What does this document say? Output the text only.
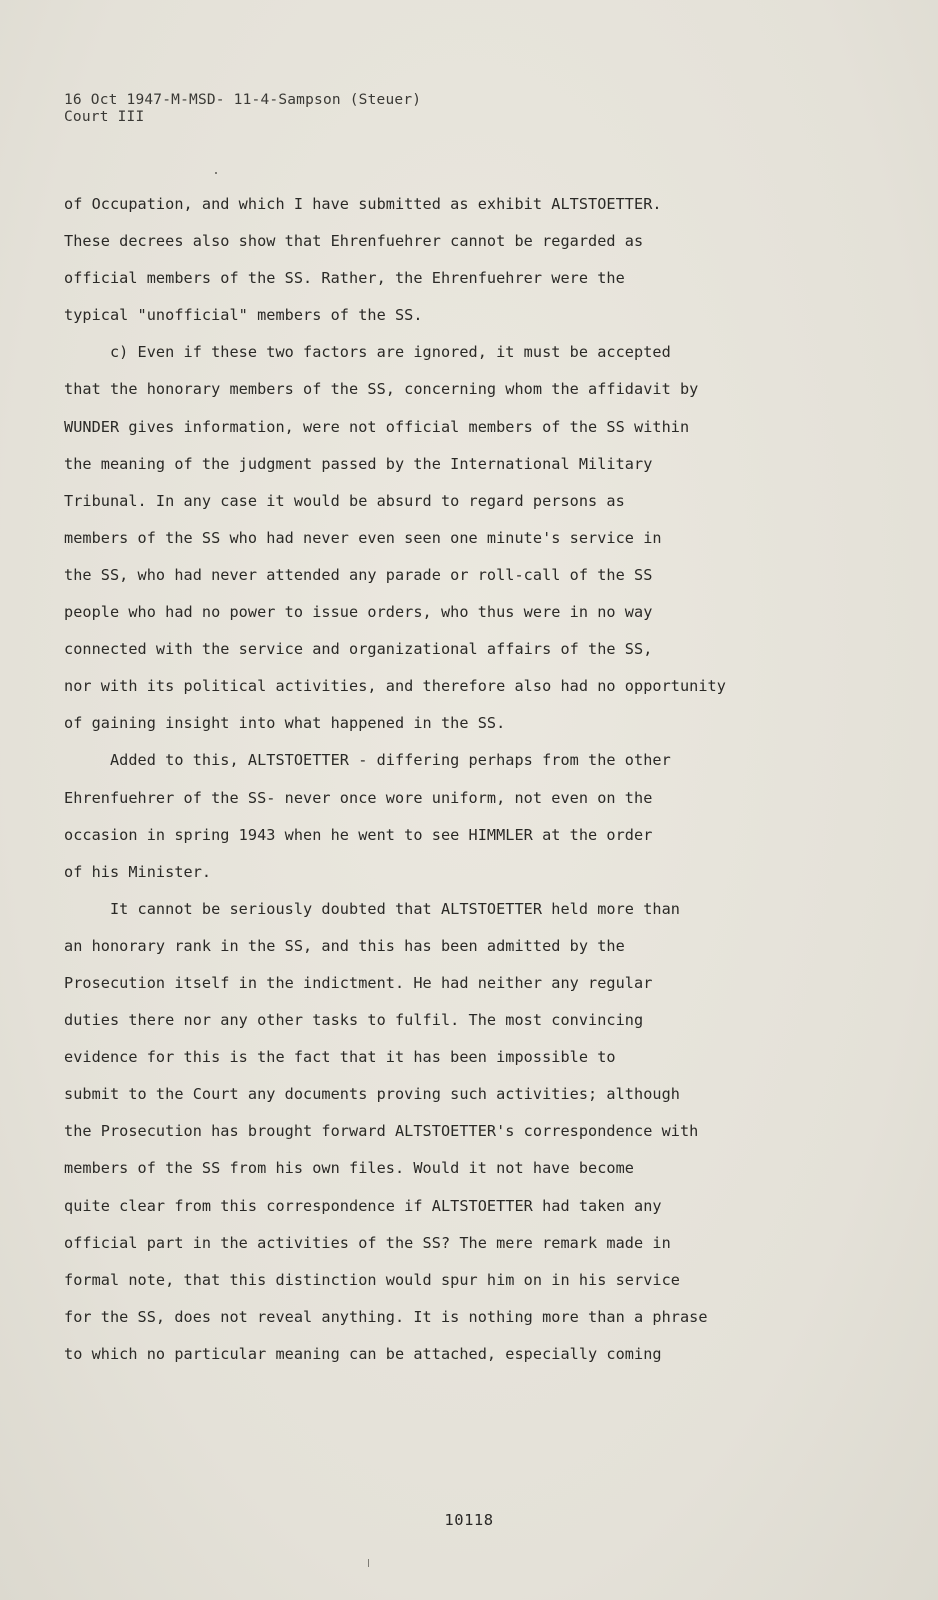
16 Oct 1947-M-MSD- 11-4-Sampson (Steuer)
Court III
of Occupation, and which I have submitted as exhibit ALTSTOETTER.
These decrees also show that Ehrenfuehrer cannot be regarded as
official members of the SS. Rather, the Ehrenfuehrer were the
typical "unofficial" members of the SS.
c) Even if these two factors are ignored, it must be accepted
that the honorary members of the SS, concerning whom the affidavit by
WUNDER gives information, were not official members of the SS within
the meaning of the judgment passed by the International Military
Tribunal. In any case it would be absurd to regard persons as
members of the SS who had never even seen one minute's service in
the SS, who had never attended any parade or roll-call of the SS
people who had no power to issue orders, who thus were in no way
connected with the service and organizational affairs of the SS,
nor with its political activities, and therefore also had no opportunity
of gaining insight into what happened in the SS.
Added to this, ALTSTOETTER - differing perhaps from the other
Ehrenfuehrer of the SS- never once wore uniform, not even on the
occasion in spring 1943 when he went to see HIMMLER at the order
of his Minister.
It cannot be seriously doubted that ALTSTOETTER held more than
an honorary rank in the SS, and this has been admitted by the
Prosecution itself in the indictment. He had neither any regular
duties there nor any other tasks to fulfil. The most convincing
evidence for this is the fact that it has been impossible to
submit to the Court any documents proving such activities; although
the Prosecution has brought forward ALTSTOETTER's correspondence with
members of the SS from his own files. Would it not have become
quite clear from this correspondence if ALTSTOETTER had taken any
official part in the activities of the SS? The mere remark made in
formal note, that this distinction would spur him on in his service
for the SS, does not reveal anything. It is nothing more than a phrase
to which no particular meaning can be attached, especially coming
10118
